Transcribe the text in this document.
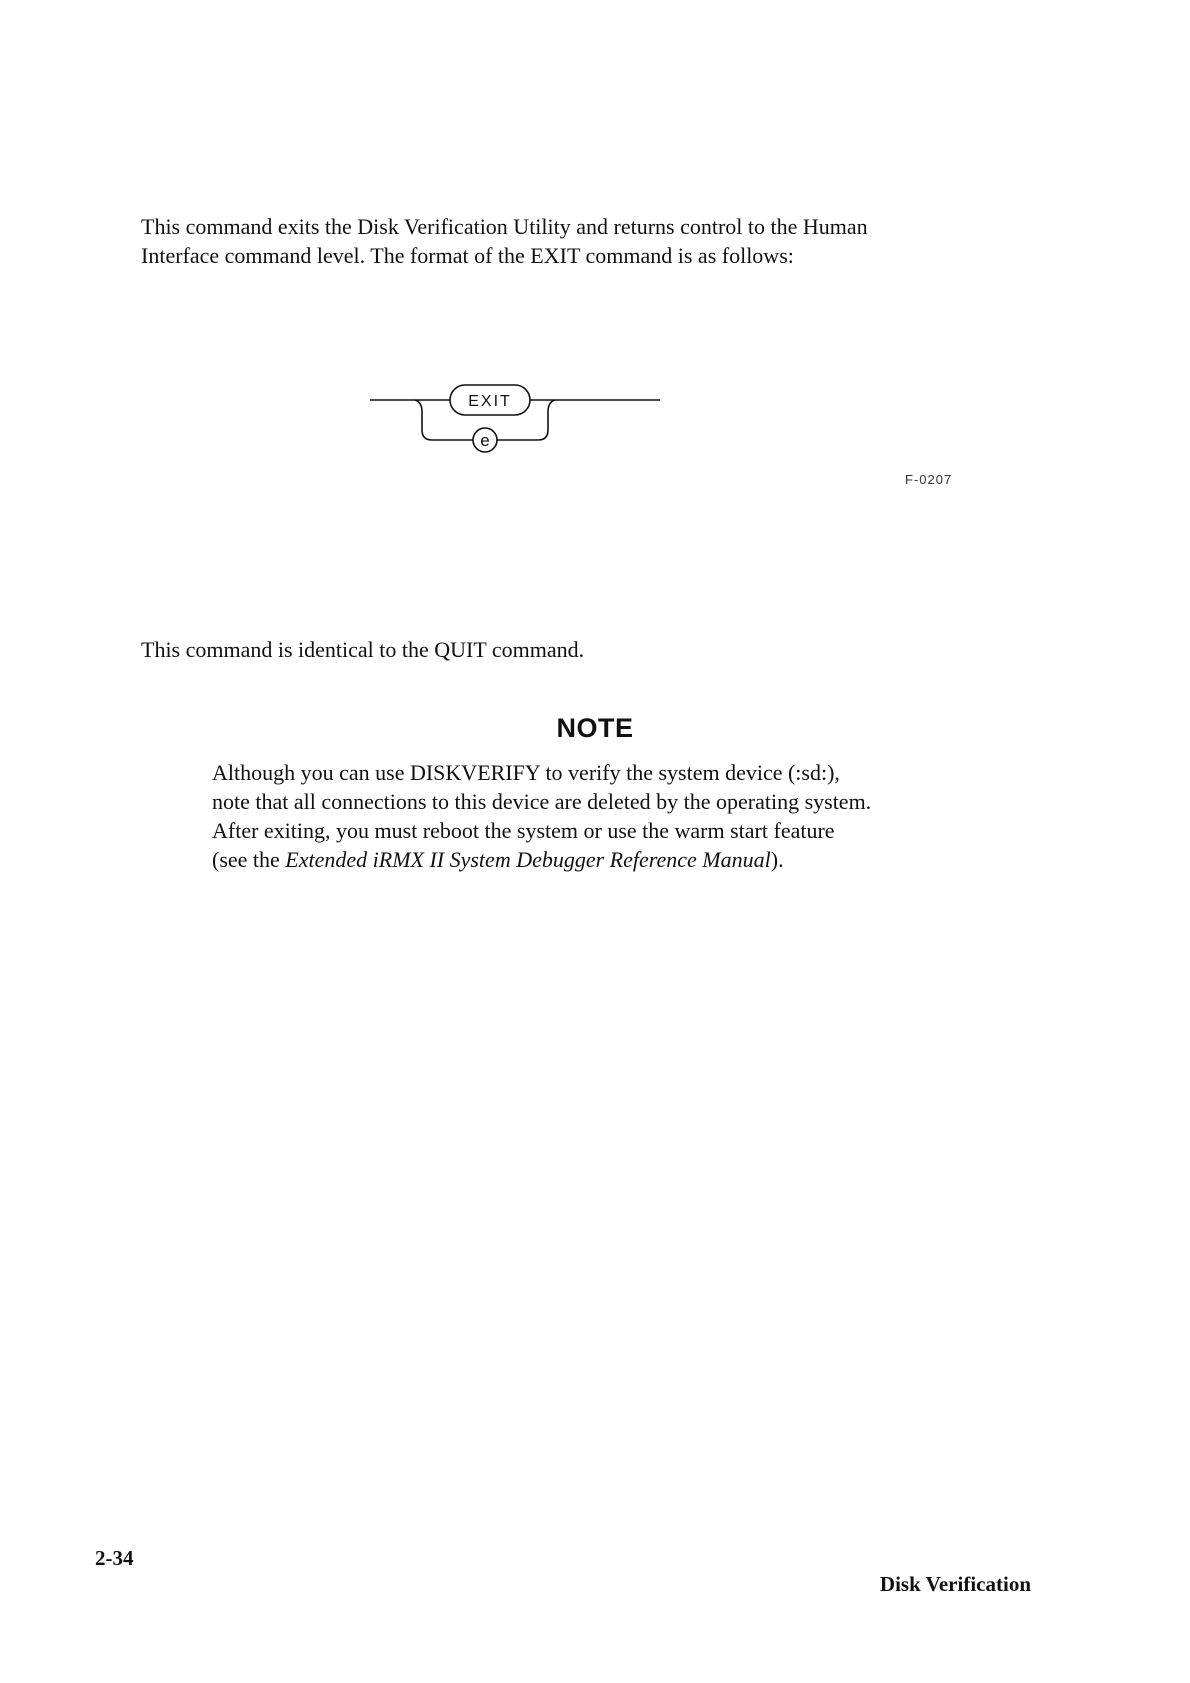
This command exits the Disk Verification Utility and returns control to the Human
Interface command level. The format of the EXIT command is as follows:

EXIT
e
F-0207

This command is identical to the QUIT command.

NOTE

Although you can use DISKVERIFY to verify the system device (:sd:),
note that all connections to this device are deleted by the operating system.
After exiting, you must reboot the system or use the warm start feature
(see the Extended iRMX II System Debugger Reference Manual).

2-34
Disk Verification
